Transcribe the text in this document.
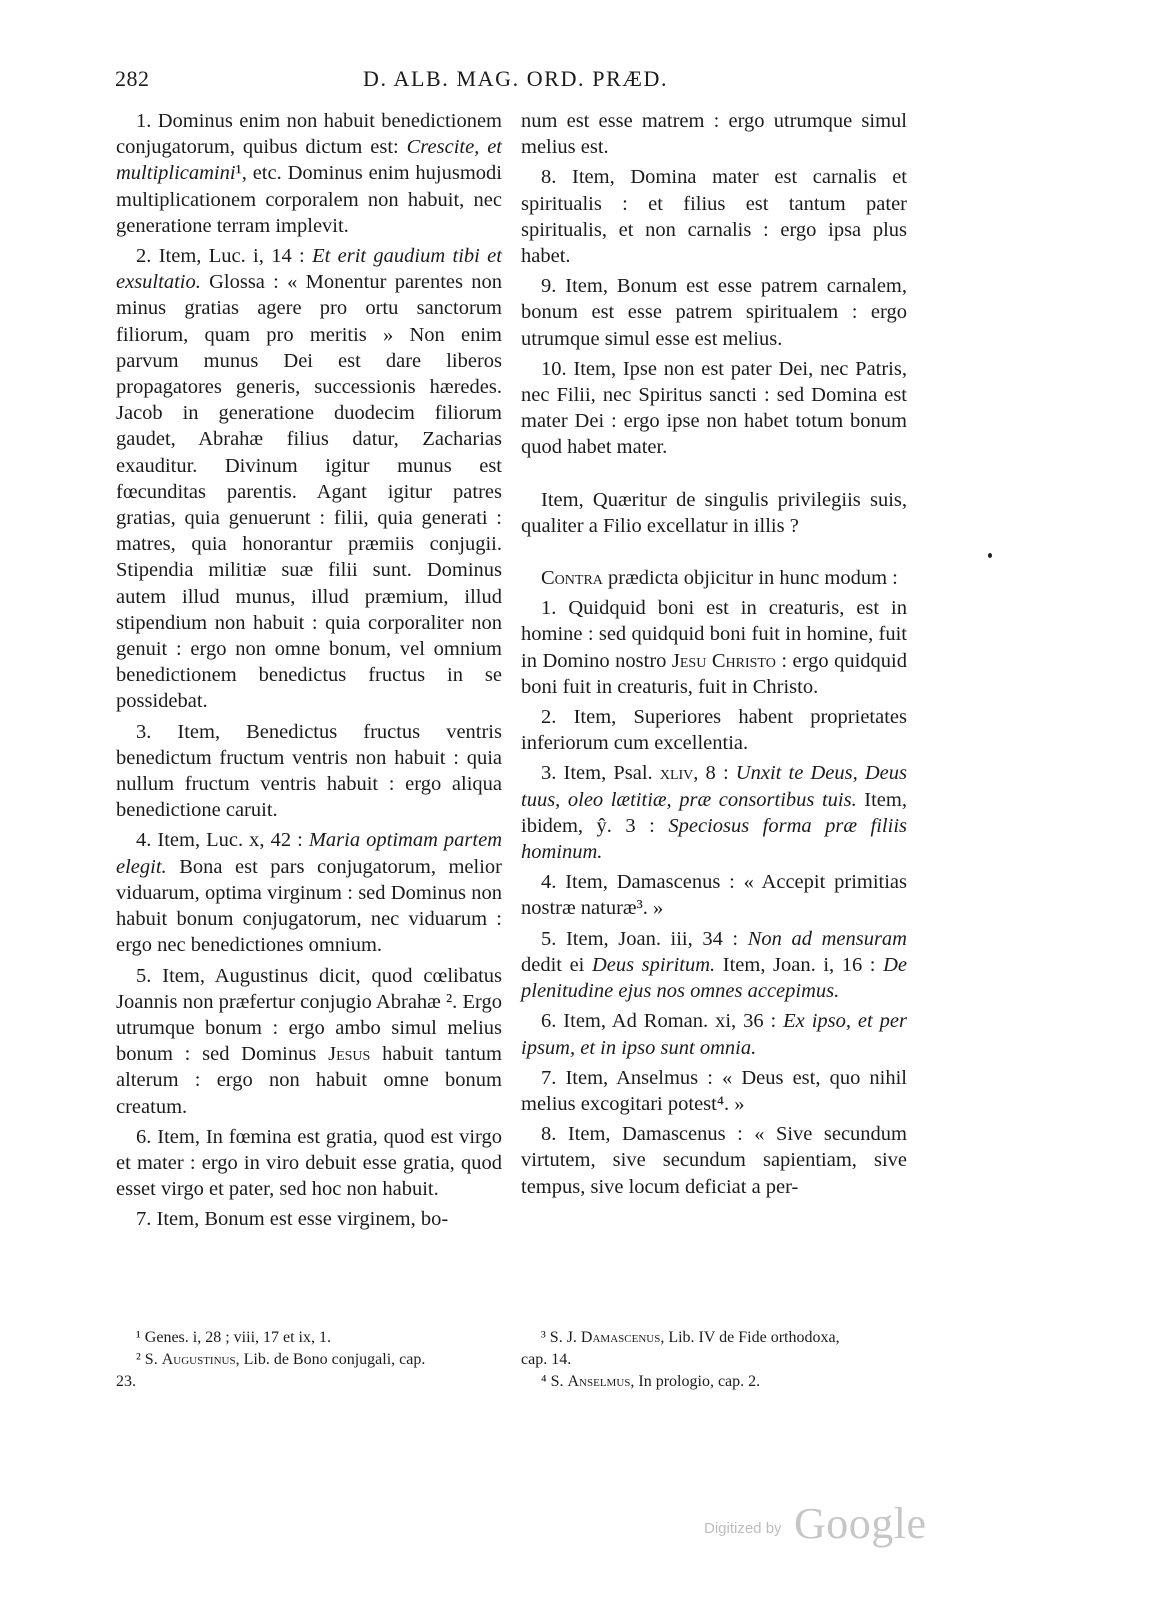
282	D. ALB. MAG. ORD. PRÆD.

1. Dominus enim non habuit benedictionem conjugatorum, quibus dictum est: Crescite, et multiplicamini¹, etc. Dominus enim hujusmodi multiplicationem corporalem non habuit, nec generatione terram implevit.

2. Item, Luc. i, 14 : Et erit gaudium tibi et exsultatio. Glossa : « Monentur parentes non minus gratias agere pro ortu sanctorum filiorum, quam pro meritis » Non enim parvum munus Dei est dare liberos propagatores generis, successionis hæredes. Jacob in generatione duodecim filiorum gaudet, Abrahæ filius datur, Zacharias exauditur. Divinum igitur munus est fœcunditas parentis. Agant igitur patres gratias, quia genuerunt : filii, quia generati : matres, quia honorantur præmiis conjugii. Stipendia militiæ suæ filii sunt. Dominus autem illud munus, illud præmium, illud stipendium non habuit : quia corporaliter non genuit : ergo non omne bonum, vel omnium benedictionem benedictus fructus in se possidebat.

3. Item, Benedictus fructus ventris benedictum fructum ventris non habuit : quia nullum fructum ventris habuit : ergo aliqua benedictione caruit.

4. Item, Luc. x, 42 : Maria optimam partem elegit. Bona est pars conjugatorum, melior viduarum, optima virginum : sed Dominus non habuit bonum conjugatorum, nec viduarum : ergo nec benedictiones omnium.

5. Item, Augustinus dicit, quod cœlibatus Joannis non præfertur conjugio Abrahæ ². Ergo utrumque bonum : ergo ambo simul melius bonum : sed Dominus Jesus habuit tantum alterum : ergo non habuit omne bonum creatum.

6. Item, In fœmina est gratia, quod est virgo et mater : ergo in viro debuit esse gratia, quod esset virgo et pater, sed hoc non habuit.

7. Item, Bonum est esse virginem, bo-

num est esse matrem : ergo utrumque simul melius est.

8. Item, Domina mater est carnalis et spiritualis : et filius est tantum pater spiritualis, et non carnalis : ergo ipsa plus habet.

9. Item, Bonum est esse patrem carnalem, bonum est esse patrem spiritualem : ergo utrumque simul esse est melius.

10. Item, Ipse non est pater Dei, nec Patris, nec Filii, nec Spiritus sancti : sed Domina est mater Dei : ergo ipse non habet totum bonum quod habet mater.

Item, Quæritur de singulis privilegiis suis, qualiter a Filio excellatur in illis ?

Contra prædicta objicitur in hunc modum :

1. Quidquid boni est in creaturis, est in homine : sed quidquid boni fuit in homine, fuit in Domino nostro Jesu Christo : ergo quidquid boni fuit in creaturis, fuit in Christo.

2. Item, Superiores habent proprietates inferiorum cum excellentia.

3. Item, Psal. xliv, 8 : Unxit te Deus, Deus tuus, oleo lætitiæ, præ consortibus tuis. Item, ibidem, ŷ. 3 : Speciosus forma præ filiis hominum.

4. Item, Damascenus : « Accepit primitias nostræ naturæ³. »

5. Item, Joan. iii, 34 : Non ad mensuram dedit ei Deus spiritum. Item, Joan. i, 16 : De plenitudine ejus nos omnes accepimus.

6. Item, Ad Roman. xi, 36 : Ex ipso, et per ipsum, et in ipso sunt omnia.

7. Item, Anselmus : « Deus est, quo nihil melius excogitari potest⁴. »

8. Item, Damascenus : « Sive secundum virtutem, sive secundum sapientiam, sive tempus, sive locum deficiat a per-

¹ Genes. i, 28 ; viii, 17 et ix, 1.
² S. Augustinus, Lib. de Bono conjugali, cap.
23.
³ S. J. Damascenus, Lib. IV de Fide orthodoxa,
cap. 14.
⁴ S. Anselmus, In prologio, cap. 2.
Digitized by Google
